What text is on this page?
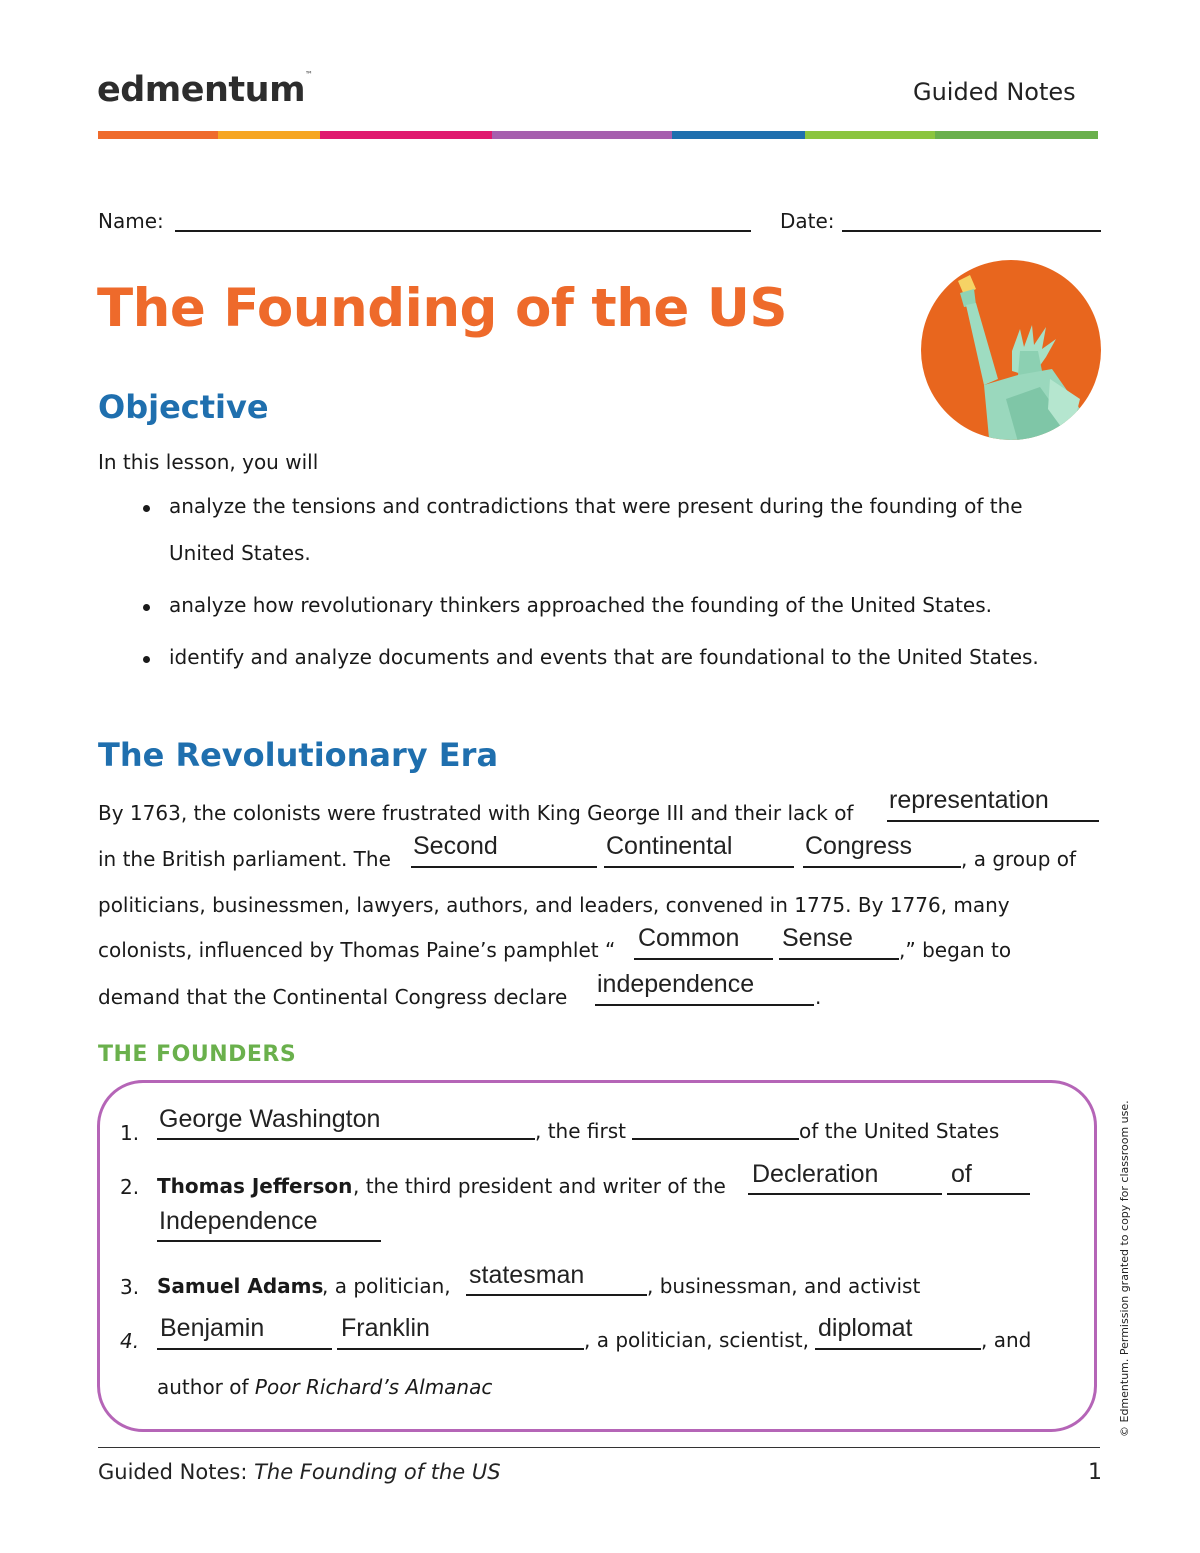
edmentum™
Guided Notes
Name:	Date:
The Founding of the US
Objective
In this lesson, you will
analyze the tensions and contradictions that were present during the founding of the
United States.
analyze how revolutionary thinkers approached the founding of the United States.
identify and analyze documents and events that are foundational to the United States.
The Revolutionary Era
By 1763, the colonists were frustrated with King George III and their lack of representation
in the British parliament. The Second	Continental	Congress , a group of
politicians, businessmen, lawyers, authors, and leaders, convened in 1775. By 1776, many
colonists, influenced by Thomas Paine’s pamphlet “ Common Sense ,” began to
demand that the Continental Congress declare independence	.
THE FOUNDERS
1. George Washington	, the first	of the United States
2. Thomas Jefferson , the third president and writer of the Decleration	of
Independence
3. Samuel Adams
, a politician, statesman	, businessman, and activist
4. Benjamin	Franklin	, a politician, scientist, diplomat	, and
author of Poor Richard’s Almanac	© Edmentum. Permission granted to copy for classroom use.
Guided Notes: The Founding of the US	1
